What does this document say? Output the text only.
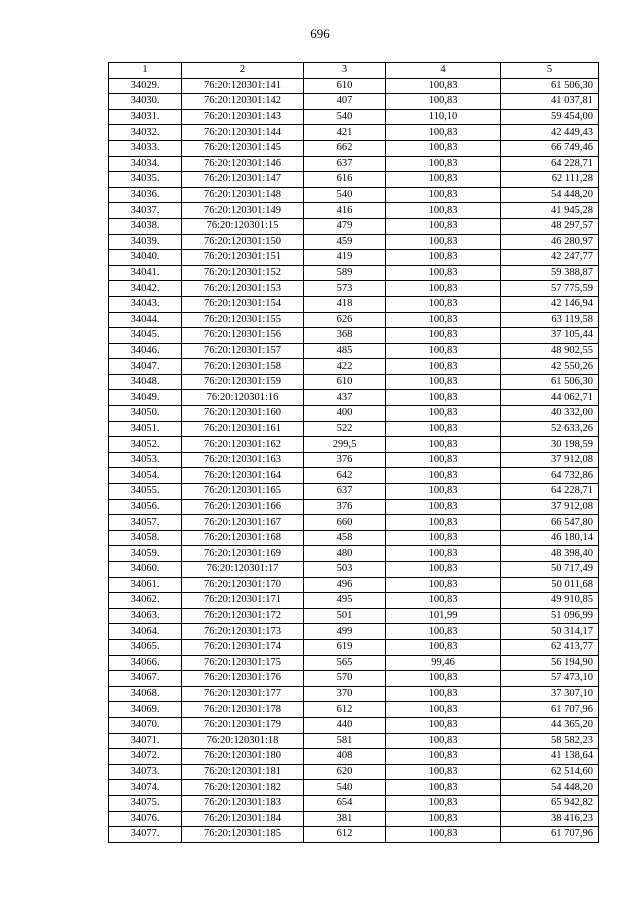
696
1	2	3	4	5
34029.	76:20:120301:141	610	100,83	61 506,30
34030.	76:20:120301:142	407	100,83	41 037,81
34031.	76:20:120301:143	540	110,10	59 454,00
34032.	76:20:120301:144	421	100,83	42 449,43
34033.	76:20:120301:145	662	100,83	66 749,46
34034.	76:20:120301:146	637	100,83	64 228,71
34035.	76:20:120301:147	616	100,83	62 111,28
34036.	76:20:120301:148	540	100,83	54 448,20
34037.	76:20:120301:149	416	100,83	41 945,28
34038.	76:20:120301:15	479	100,83	48 297,57
34039.	76:20:120301:150	459	100,83	46 280,97
34040.	76:20:120301:151	419	100,83	42 247,77
34041.	76:20:120301:152	589	100,83	59 388,87
34042.	76:20:120301:153	573	100,83	57 775,59
34043.	76:20:120301:154	418	100,83	42 146,94
34044.	76:20:120301:155	626	100,83	63 119,58
34045.	76:20:120301:156	368	100,83	37 105,44
34046.	76:20:120301:157	485	100,83	48 902,55
34047.	76:20:120301:158	422	100,83	42 550,26
34048.	76:20:120301:159	610	100,83	61 506,30
34049.	76:20:120301:16	437	100,83	44 062,71
34050.	76:20:120301:160	400	100,83	40 332,00
34051.	76:20:120301:161	522	100,83	52 633,26
34052.	76:20:120301:162	299,5	100,83	30 198,59
34053.	76:20:120301:163	376	100,83	37 912,08
34054.	76:20:120301:164	642	100,83	64 732,86
34055.	76:20:120301:165	637	100,83	64 228,71
34056.	76:20:120301:166	376	100,83	37 912,08
34057.	76:20:120301:167	660	100,83	66 547,80
34058.	76:20:120301:168	458	100,83	46 180,14
34059.	76:20:120301:169	480	100,83	48 398,40
34060.	76:20:120301:17	503	100,83	50 717,49
34061.	76:20:120301:170	496	100,83	50 011,68
34062.	76:20:120301:171	495	100,83	49 910,85
34063.	76:20:120301:172	501	101,99	51 096,99
34064.	76:20:120301:173	499	100,83	50 314,17
34065.	76:20:120301:174	619	100,83	62 413,77
34066.	76:20:120301:175	565	99,46	56 194,90
34067.	76:20:120301:176	570	100,83	57 473,10
34068.	76:20:120301:177	370	100,83	37 307,10
34069.	76:20:120301:178	612	100,83	61 707,96
34070.	76:20:120301:179	440	100,83	44 365,20
34071.	76:20:120301:18	581	100,83	58 582,23
34072.	76:20:120301:180	408	100,83	41 138,64
34073.	76:20:120301:181	620	100,83	62 514,60
34074.	76:20:120301:182	540	100,83	54 448,20
34075.	76:20:120301:183	654	100,83	65 942,82
34076.	76:20:120301:184	381	100,83	38 416,23
34077.	76:20:120301:185	612	100,83	61 707,96
